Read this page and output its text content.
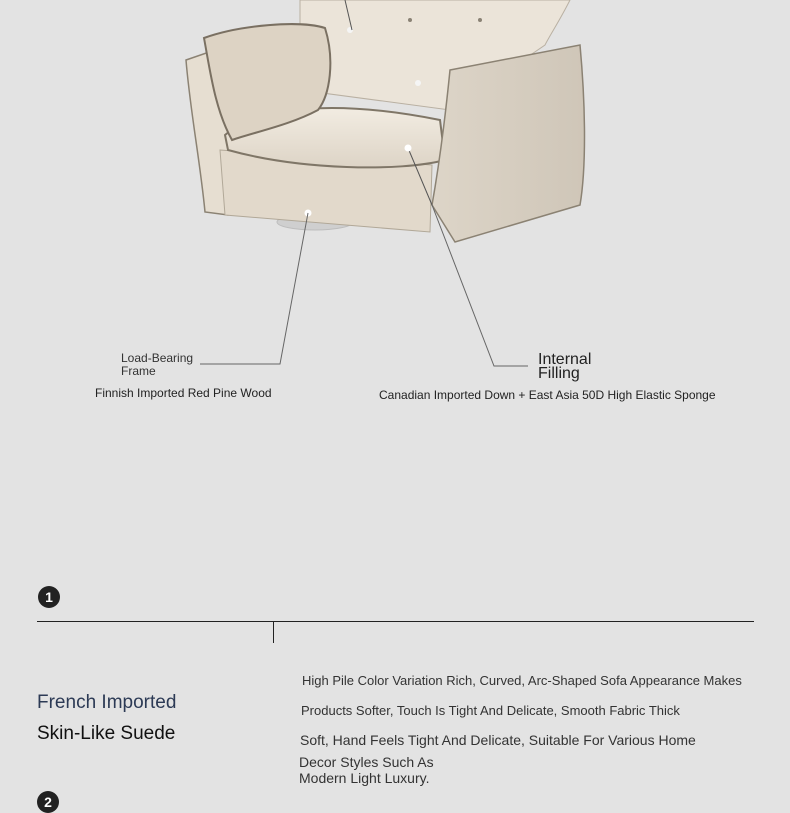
Load-Bearing
Frame
Finnish Imported Red Pine Wood
Internal
Filling
Canadian Imported Down + East Asia 50D High Elastic Sponge
1
French Imported
Skin-Like Suede
High Pile Color Variation Rich, Curved, Arc-Shaped Sofa Appearance Makes
Products Softer, Touch Is Tight And Delicate, Smooth Fabric Thick
Soft, Hand Feels Tight And Delicate, Suitable For Various Home
Decor Styles Such As
Modern Light Luxury.
2
